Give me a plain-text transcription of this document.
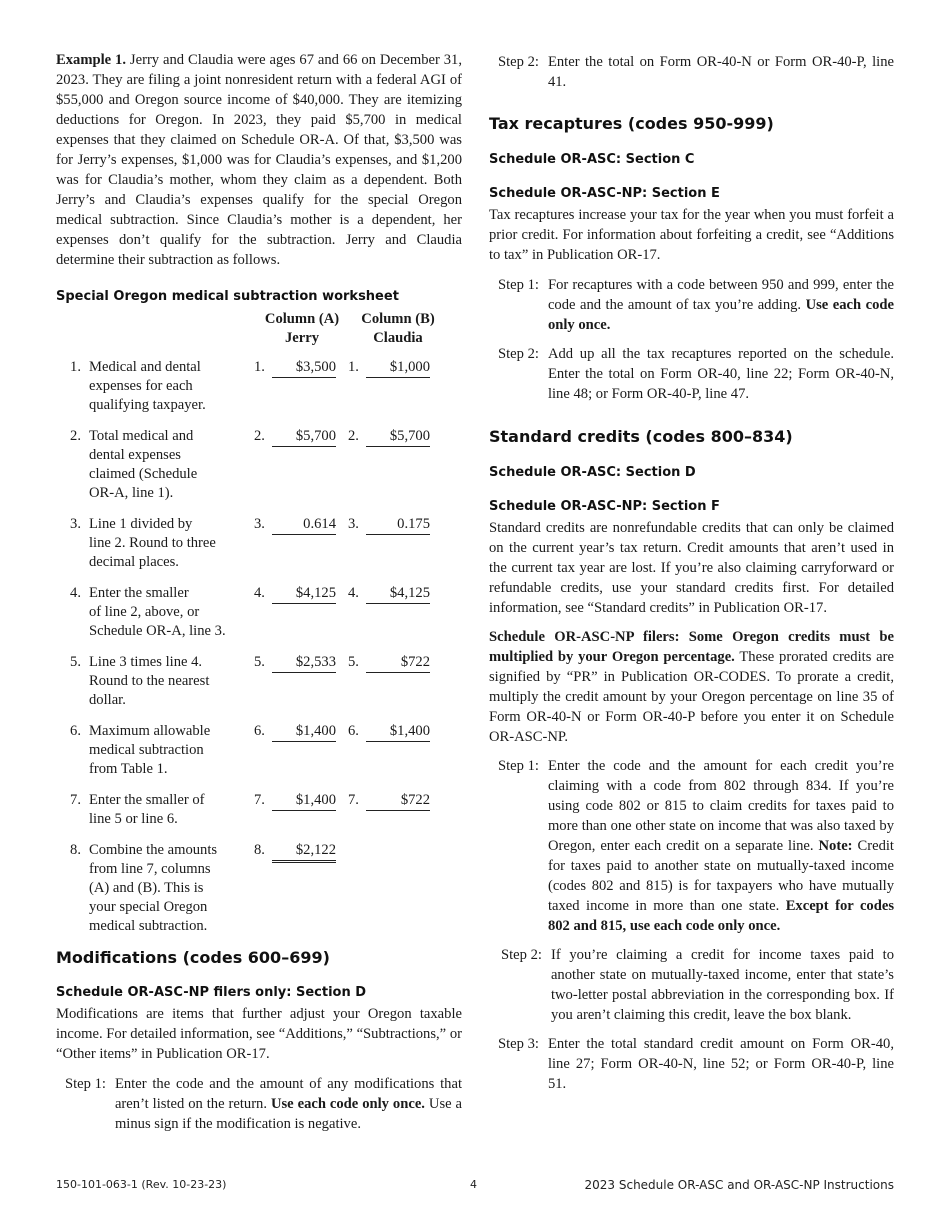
Example 1. Jerry and Claudia were ages 67 and 66 on December 31, 2023. They are filing a joint nonresident return with a federal AGI of $55,000 and Oregon source income of $40,000. They are itemizing deductions for Oregon. In 2023, they paid $5,700 in medical expenses that they claimed on Schedule OR-A. Of that, $3,500 was for Jerry’s expenses, $1,000 was for Claudia’s expenses, and $1,200 was for Claudia’s mother, whom they claim as a dependent. Both Jerry’s and Claudia’s expenses qualify for the special Oregon medical subtraction. Since Claudia’s mother is a dependent, her expenses don’t qualify for the subtraction. Jerry and Claudia determine their subtraction as follows.

Special Oregon medical subtraction worksheet
Column (A)
Jerry
Column (B)
Claudia
1. Medical and dental
expenses for each
qualifying taxpayer.
1.	$3,500 1.	$1,000
2. Total medical and
dental expenses
claimed (Schedule
OR-A, line 1).
2.	$5,700 2.	$5,700
3. Line 1 divided by
line 2. Round to three
decimal places.
3.	0.614 3.	0.175
4. Enter the smaller
of line 2, above, or
Schedule OR-A, line 3.
4.	$4,125 4.	$4,125
5. Line 3 times line 4.
Round to the nearest
dollar.
5.	$2,533 5.	$722
6. Maximum allowable
medical subtraction
from Table 1.
6.	$1,400 6.	$1,400
7. Enter the smaller of
line 5 or line 6.
7.	$1,400 7.	$722
8. Combine the amounts
from line 7, columns
(A) and (B). This is
your special Oregon
medical subtraction.
8.	$2,122
Modifications (codes 600–699)
Schedule OR-ASC-NP filers only: Section D

Modifications are items that further adjust your Oregon taxable income. For detailed information, see “Additions,” “Subtractions,” or “Other items” in Publication OR-17.

Step 1: Enter the code and the amount of any modifications that aren’t listed on the return. Use each code only once. Use a minus sign if the modification is negative.
Step 2: Enter the total on Form OR-40-N or Form OR-40-P, line 41.
Tax recaptures (codes 950-999)
Schedule OR-ASC: Section C
Schedule OR-ASC-NP: Section E

Tax recaptures increase your tax for the year when you must forfeit a prior credit. For information about forfeiting a credit, see “Additions to tax” in Publication OR-17.

Step 1: For recaptures with a code between 950 and 999, enter the code and the amount of tax you’re adding. Use each code only once.
Step 2: Add up all the tax recaptures reported on the schedule. Enter the total on Form OR-40, line 22; Form OR-40-N, line 48; or Form OR-40-P, line 47.
Standard credits (codes 800–834)
Schedule OR-ASC: Section D
Schedule OR-ASC-NP: Section F

Standard credits are nonrefundable credits that can only be claimed on the current year’s tax return. Credit amounts that aren’t used in the current tax year are lost. If you’re also claiming carryforward or refundable credits, use your standard credits first. For detailed information, see “Standard credits” in Publication OR-17.

Schedule OR-ASC-NP filers: Some Oregon credits must be multiplied by your Oregon percentage. These prorated credits are signified by “PR” in Publication OR-CODES. To prorate a credit, multiply the credit amount by your Oregon percentage on line 35 of Form OR-40-N or Form OR-40-P before you enter it on Schedule OR-ASC-NP.

Step 1: Enter the code and the amount for each credit you’re claiming with a code from 802 through 834. If you’re using code 802 or 815 to claim credits for taxes paid to more than one other state on income that was also taxed by Oregon, enter each credit on a separate line. Note: Credit for taxes paid to another state on mutually-taxed income (codes 802 and 815) is for taxpayers who have mutually taxed income in more than one state. Except for codes 802 and 815, use each code only once.
Step 2: If you’re claiming a credit for income taxes paid to another state on mutually-taxed income, enter that state’s two-letter postal abbreviation in the corresponding box. If you aren’t claiming this credit, leave the box blank.
Step 3: Enter the total standard credit amount on Form OR-40, line 27; Form OR-40-N, line 52; or Form OR-40-P, line 51.
150-101-063-1 (Rev. 10-23-23)	4	2023 Schedule OR-ASC and OR-ASC-NP Instructions
